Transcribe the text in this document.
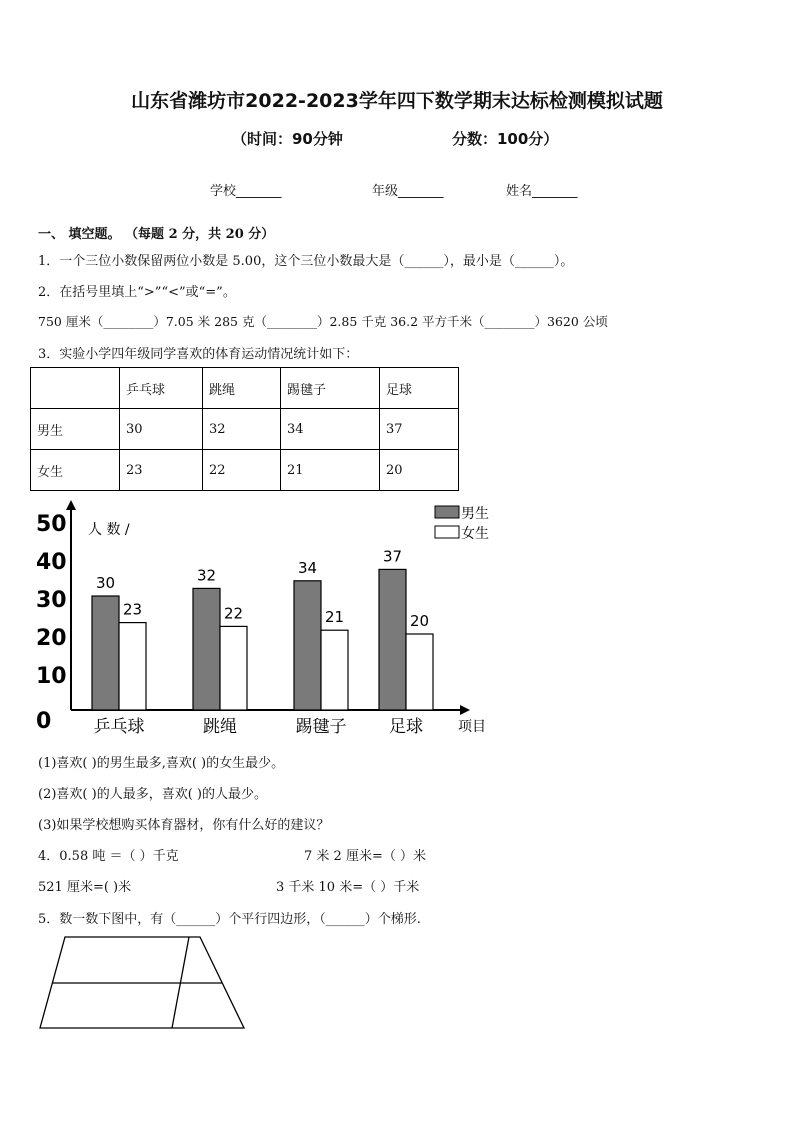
山东省潍坊市2022-2023学年四下数学期末达标检测模拟试题
（时间：90分钟	分数：100分）
学校_______	年级_______	姓名_______
一、 填空题。 （每题 2 分，共 20 分）
1．一个三位小数保留两位小数是 5.00，这个三位小数最大是（______），最小是（______）。
2．在括号里填上“>”“<”或“=”。
750 厘米（________）7.05 米 285 克（________）2.85 千克 36.2 平方千米（________）3620 公顷
3．实验小学四年级同学喜欢的体育运动情况统计如下：
	乒乓球	跳绳	踢毽子	足球
男生	30	32	34	37
女生	23	22	21	20
0
10
20
30
40
50 人 数 /
30
23
乒乓球
32
22
跳绳
34
21
踢毽子
37
20
足球	项目
男生
女生
(1)喜欢( )的男生最多,喜欢( )的女生最少。
(2)喜欢( )的人最多，喜欢( )的人最少。
(3)如果学校想购买体育器材，你有什么好的建议？
4．0.58 吨 ＝（ ）千克	7 米 2 厘米=（ ）米
521 厘米=( )米	3 千米 10 米=（ ）千米
5．数一数下图中，有（______）个平行四边形，（______）个梯形.
